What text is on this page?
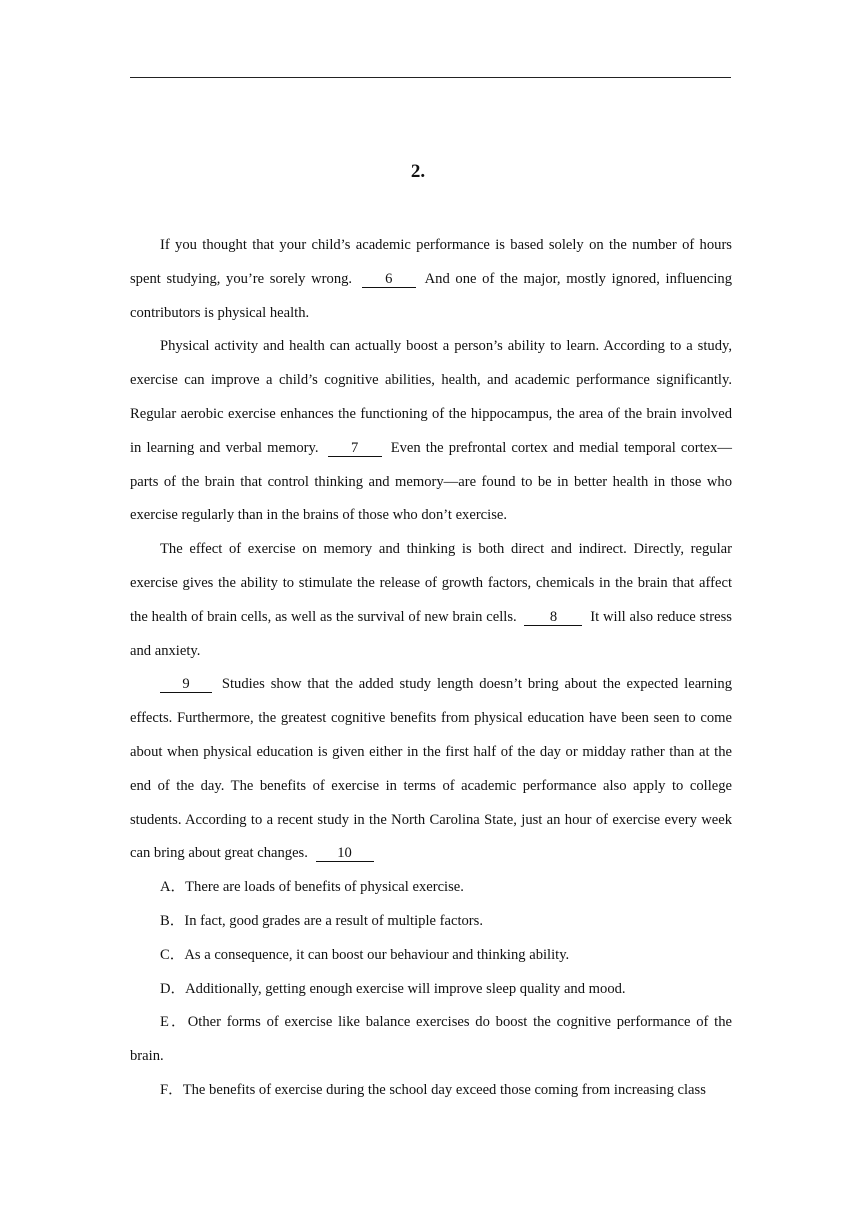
2.

If you thought that your child’s academic performance is based solely on the number of hours spent studying, you’re sorely wrong. 6 And one of the major, mostly ignored, influencing contributors is physical health.

Physical activity and health can actually boost a person’s ability to learn. According to a study, exercise can improve a child’s cognitive abilities, health, and academic performance significantly. Regular aerobic exercise enhances the functioning of the hippocampus, the area of the brain involved in learning and verbal memory. 7 Even the prefrontal cortex and medial temporal cortex—parts of the brain that control thinking and memory—are found to be in better health in those who exercise regularly than in the brains of those who don’t exercise.

The effect of exercise on memory and thinking is both direct and indirect. Directly, regular exercise gives the ability to stimulate the release of growth factors, chemicals in the brain that affect the health of brain cells, as well as the survival of new brain cells. 8 It will also reduce stress and anxiety.

9 Studies show that the added study length doesn’t bring about the expected learning effects. Furthermore, the greatest cognitive benefits from physical education have been seen to come about when physical education is given either in the first half of the day or midday rather than at the end of the day. The benefits of exercise in terms of academic performance also apply to college students. According to a recent study in the North Carolina State, just an hour of exercise every week can bring about great changes. 10

A．There are loads of benefits of physical exercise.

B．In fact, good grades are a result of multiple factors.

C．As a consequence, it can boost our behaviour and thinking ability.

D．Additionally, getting enough exercise will improve sleep quality and mood.

E．Other forms of exercise like balance exercises do boost the cognitive performance of the brain.

F．The benefits of exercise during the school day exceed those coming from increasing class
